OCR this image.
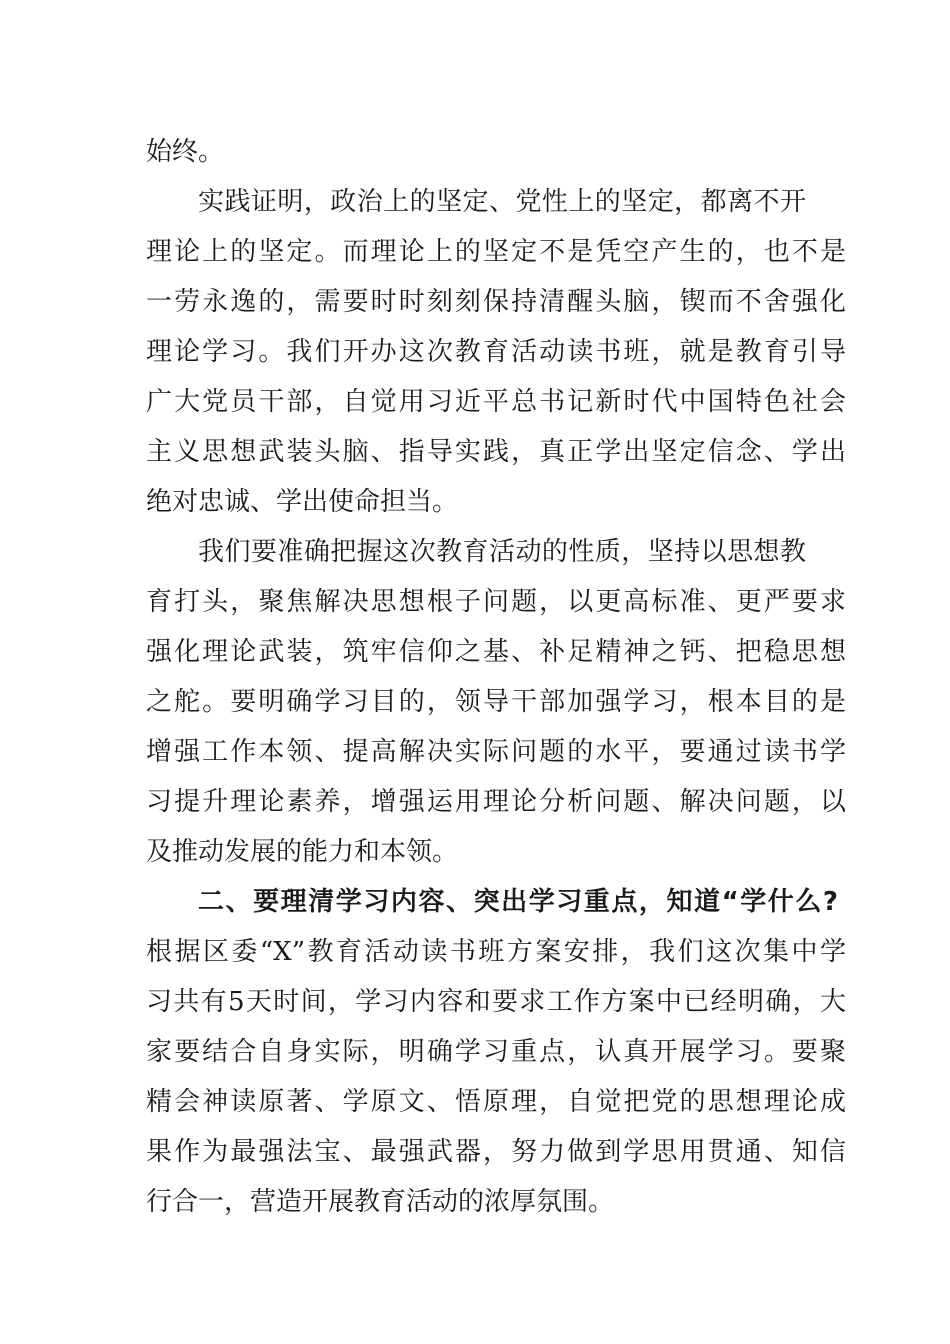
始终。
实践证明，政治上的坚定、党性上的坚定，都离不开
理论上的坚定。而理论上的坚定不是凭空产生的，也不是
一劳永逸的，需要时时刻刻保持清醒头脑，锲而不舍强化
理论学习。我们开办这次教育活动读书班，就是教育引导
广大党员干部，自觉用习近平总书记新时代中国特色社会
主义思想武装头脑、指导实践，真正学出坚定信念、学出
绝对忠诚、学出使命担当。
我们要准确把握这次教育活动的性质，坚持以思想教
育打头，聚焦解决思想根子问题，以更高标准、更严要求
强化理论武装，筑牢信仰之基、补足精神之钙、把稳思想
之舵。要明确学习目的，领导干部加强学习，根本目的是
增强工作本领、提高解决实际问题的水平，要通过读书学
习提升理论素养，增强运用理论分析问题、解决问题，以
及推动发展的能力和本领。
二、要理清学习内容、突出学习重点，知道“学什么?
根据区委“X”教育活动读书班方案安排，我们这次集中学
习共有5天时间，学习内容和要求工作方案中已经明确，大
家要结合自身实际，明确学习重点，认真开展学习。要聚
精会神读原著、学原文、悟原理，自觉把党的思想理论成
果作为最强法宝、最强武器，努力做到学思用贯通、知信
行合一，营造开展教育活动的浓厚氛围。
